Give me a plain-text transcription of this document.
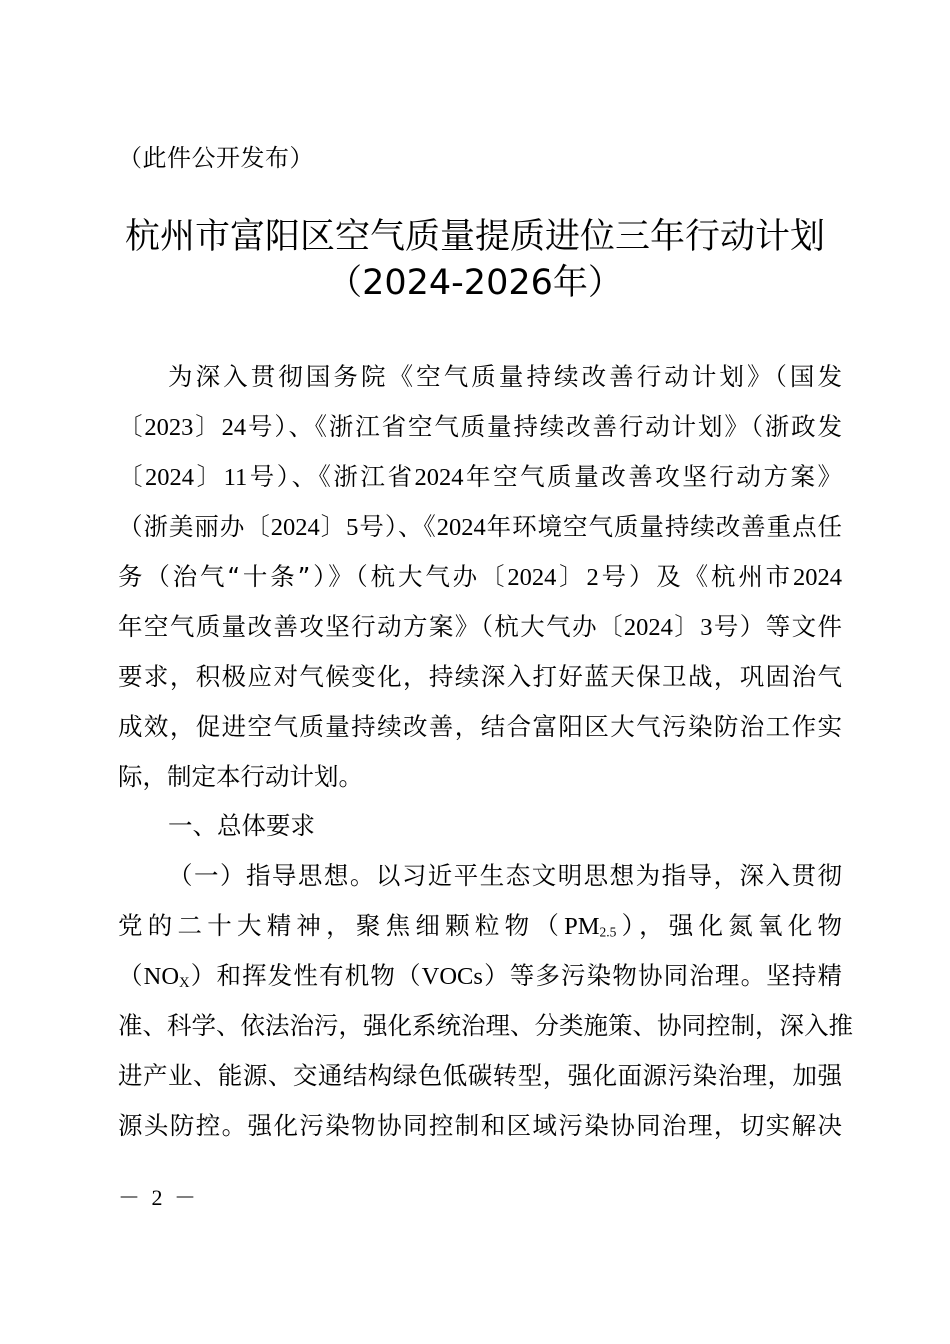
（此件公开发布）
杭州市富阳区空气质量提质进位三年行动计划
（2024-2026年）
为深入贯彻国务院《空气质量持续改善行动计划》（国发
〔2023〕24号）、《浙江省空气质量持续改善行动计划》（浙政发
〔2024〕11号）、《浙江省2024年空气质量改善攻坚行动方案》
（浙美丽办〔2024〕5号）、《2024年环境空气质量持续改善重点任
务（治气“十条”）》（杭大气办〔2024〕2号）及《杭州市2024
年空气质量改善攻坚行动方案》（杭大气办〔2024〕3号）等文件
要求，积极应对气候变化，持续深入打好蓝天保卫战，巩固治气
成效，促进空气质量持续改善，结合富阳区大气污染防治工作实
际，制定本行动计划。
一、总体要求
（一）指导思想。以习近平生态文明思想为指导，深入贯彻
党的二十大精神，聚焦细颗粒物$(PM_{2.5})$，强化氮氧化物
$(NO_X)$和挥发性有机物（VOCs）等多污染物协同治理。坚持精
准、科学、依法治污，强化系统治理、分类施策、协同控制，深入推
进产业、能源、交通结构绿色低碳转型，强化面源污染治理，加强
源头防控。强化污染物协同控制和区域污染协同治理，切实解决
－ 2 －
